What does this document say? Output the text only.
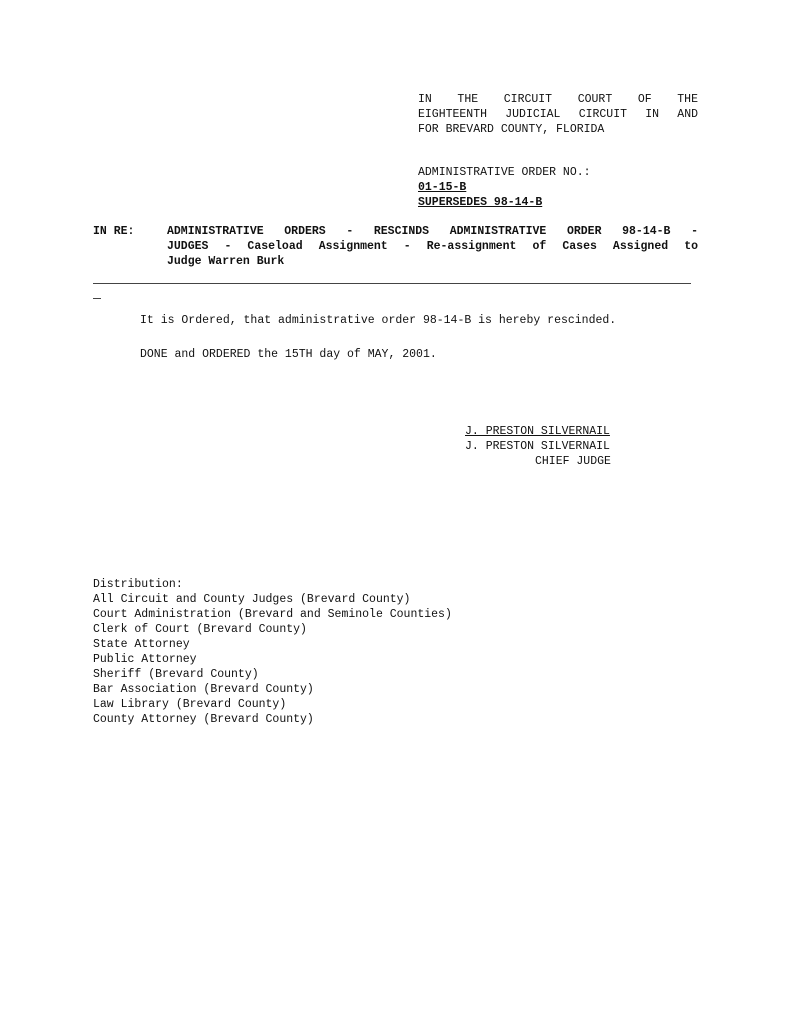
IN THE CIRCUIT COURT OF THE
EIGHTEENTH JUDICIAL CIRCUIT IN AND
FOR BREVARD COUNTY, FLORIDA
ADMINISTRATIVE ORDER NO.:
01-15-B
SUPERSEDES 98-14-B
IN RE:	ADMINISTRATIVE ORDERS - RESCINDS ADMINISTRATIVE ORDER 98-14-B -
JUDGES - Caseload Assignment - Re-assignment of Cases Assigned to
Judge Warren Burk
It is Ordered, that administrative order 98-14-B is hereby rescinded.
DONE and ORDERED the 15TH day of MAY, 2001.
J. PRESTON SILVERNAIL
J. PRESTON SILVERNAIL
CHIEF JUDGE
Distribution:
All Circuit and County Judges (Brevard County)
Court Administration (Brevard and Seminole Counties)
Clerk of Court (Brevard County)
State Attorney
Public Attorney
Sheriff (Brevard County)
Bar Association (Brevard County)
Law Library (Brevard County)
County Attorney (Brevard County)
